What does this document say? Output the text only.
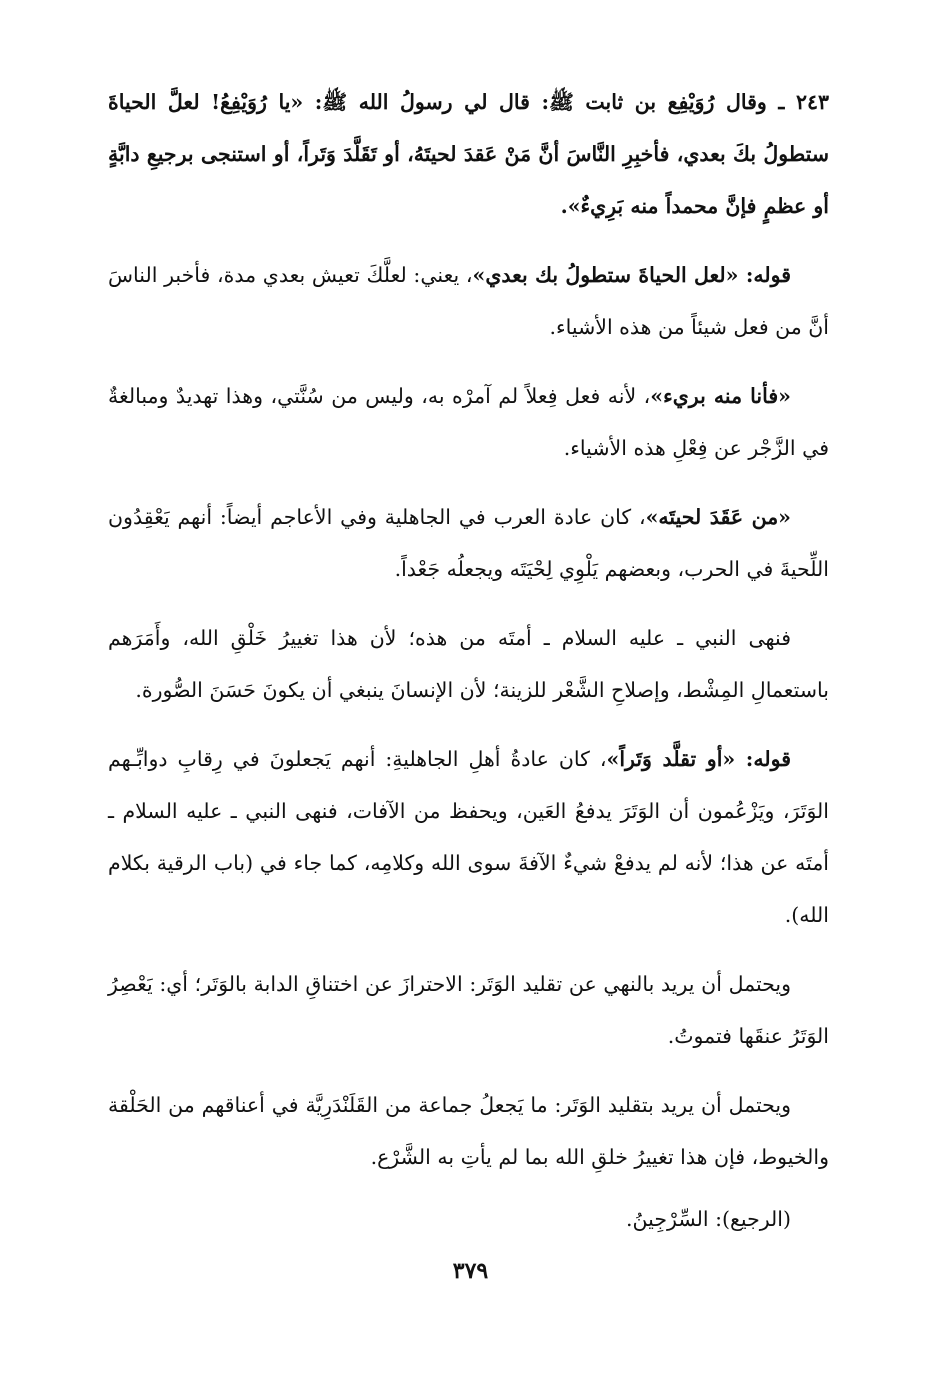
٢٤٣ ـ وقال رُوَيْفِع بن ثابت ﷺ: قال لي رسولُ الله ﷺ: «يا رُوَيْفِعُ! لعلَّ الحياةَ ستطولُ بكَ بعدي، فأخبِرِ النَّاسَ أنَّ مَنْ عَقدَ لحيتَهُ، أو تَقَلَّدَ وَتَراً، أو استنجى برجيعِ دابَّةٍ أو عظمٍ فإنَّ محمداً منه بَرِيءٌ».

قوله: «لعل الحياةَ ستطولُ بك بعدي»، يعني: لعلَّكَ تعيش بعدي مدة، فأخبر الناسَ أنَّ من فعل شيئاً من هذه الأشياء.

«فأنا منه بريء»، لأنه فعل فِعلاً لم آمرْه به، وليس من سُنَّتي، وهذا تهديدٌ ومبالغةٌ في الزَّجْر عن فِعْلِ هذه الأشياء.

«من عَقَدَ لحيتَه»، كان عادة العرب في الجاهلية وفي الأعاجم أيضاً: أنهم يَعْقِدُون اللِّحيةَ في الحرب، وبعضهم يَلْوِي لِحْيَتَه ويجعلُه جَعْداً.

فنهى النبي ـ عليه السلام ـ أمتَه من هذه؛ لأن هذا تغييرُ خَلْقِ الله، وأَمَرَهم باستعمالِ المِشْط، وإصلاحِ الشَّعْر للزينة؛ لأن الإنسانَ ينبغي أن يكونَ حَسَنَ الصُّورة.

قوله: «أو تقلَّد وَتَراً»، كان عادةُ أهلِ الجاهليةِ: أنهم يَجعلونَ في رِقابِ دوابِّـهم الوَتَرَ، ويَزْعُمون أن الوَتَرَ يدفعُ العَين، ويحفظ من الآفات، فنهى النبي ـ عليه السلام ـ أمتَه عن هذا؛ لأنه لم يدفعْ شيءٌ الآفةَ سوى الله وكلامِه، كما جاء في (باب الرقية بكلام الله).

ويحتمل أن يريد بالنهي عن تقليد الوَتَر: الاحترازَ عن اختناقِ الدابة بالوَتَر؛ أي: يَعْصِرُ الوَتَرُ عنقَها فتموتُ.

ويحتمل أن يريد بتقليد الوَتَر: ما يَجعلُ جماعة من القَلَنْدَرِيَّة في أعناقهم من الحَلْقة والخيوط، فإن هذا تغييرُ خلقِ الله بما لم يأتِ به الشَّرْع.

(الرجيع): السِّرْجِينُ.

٣٧٩
